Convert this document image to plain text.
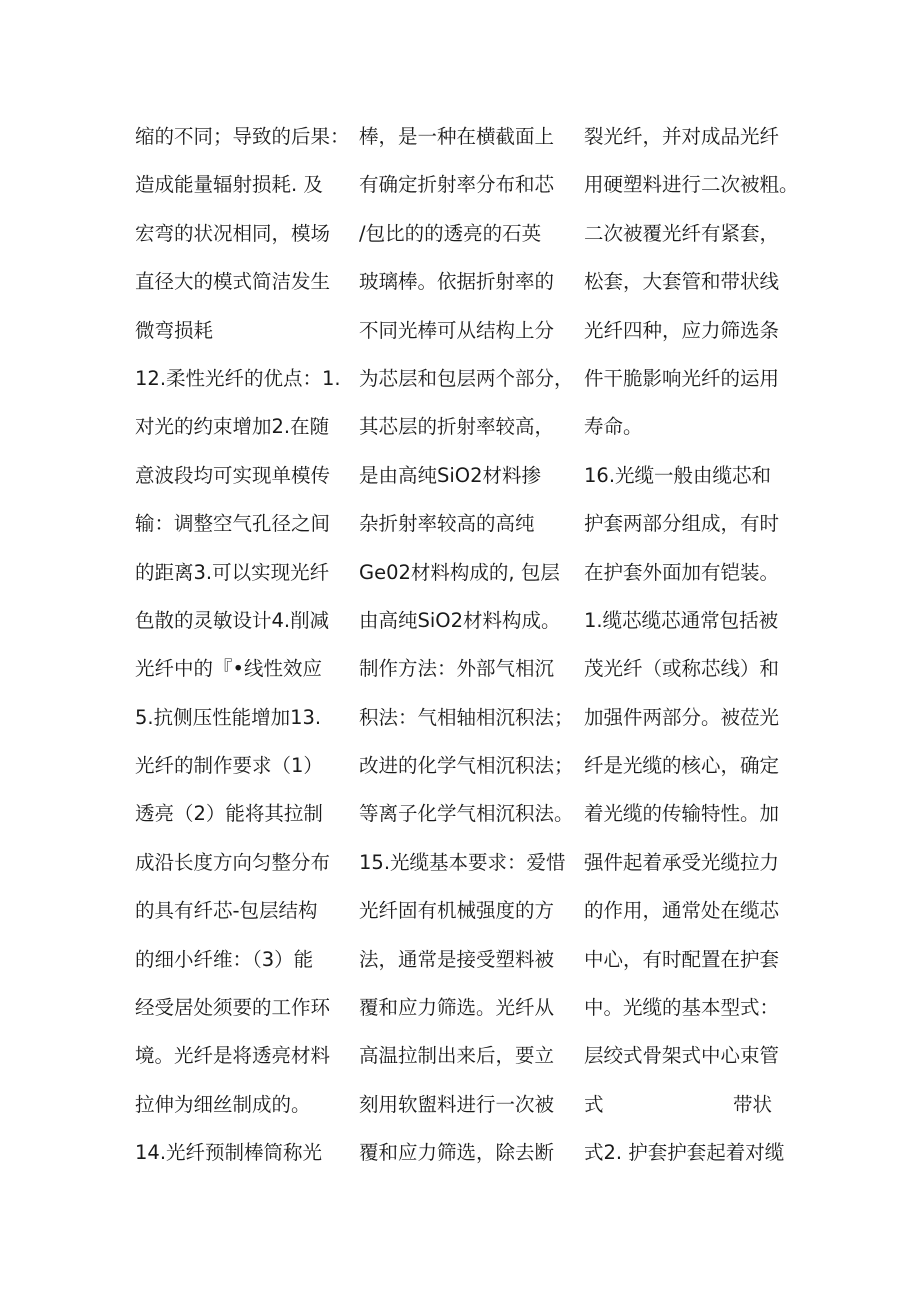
缩的不同；导致的后果：
造成能量辐射损耗. 及
宏弯的状况相同，模场
直径大的模式简洁发生
微弯损耗
12.柔性光纤的优点：1.
对光的约束增加2.在随
意波段均可实现单模传
输：调整空气孔径之间
的距离3.可以实现光纤
色散的灵敏设计4.削减
光纤中的『•线性效应
5.抗侧压性能增加13.
光纤的制作要求（1）
透亮（2）能将其拉制
成沿长度方向匀整分布
的具有纤芯-包层结构
的细小纤维：（3）能
经受居处须要的工作环
境。光纤是将透亮材料
拉伸为细丝制成的。
14.光纤预制棒筒称光
棒，是一种在横截面上
有确定折射率分布和芯
/包比的的透亮的石英
玻璃棒。依据折射率的
不同光棒可从结构上分
为芯层和包层两个部分，
其芯层的折射率较高，
是由高纯SiO2材料掺
杂折射率较高的高纯
Ge02材料构成的, 包层
由高纯SiO2材料构成。
制作方法：外部气相沉
积法：气相轴相沉积法；
改进的化学气相沉积法；
等离子化学气相沉积法。
15.光缆基本要求：爱惜
光纤固有机械强度的方
法，通常是接受塑料被
覆和应力筛选。光纤从
高温拉制出来后，要立
刻用软盥料进行一次被
覆和应力筛选，除去断
裂光纤，并对成品光纤
用硬塑料进行二次被粗。
二次被覆光纤有紧套，
松套，大套管和带状线
光纤四种，应力筛选条
件干脆影响光纤的运用
寿命。
16.光缆一般由缆芯和
护套两部分组成，有时
在护套外面加有铠装。
1.缆芯缆芯通常包括被
茂光纤（或称芯线）和
加强件两部分。被莅光
纤是光缆的核心，确定
着光缆的传输特性。加
强件起着承受光缆拉力
的作用，通常处在缆芯
中心，有时配置在护套
中。光缆的基本型式：
层绞式骨架式中心束管
式	带状
式2. 护套护套起着对缆
